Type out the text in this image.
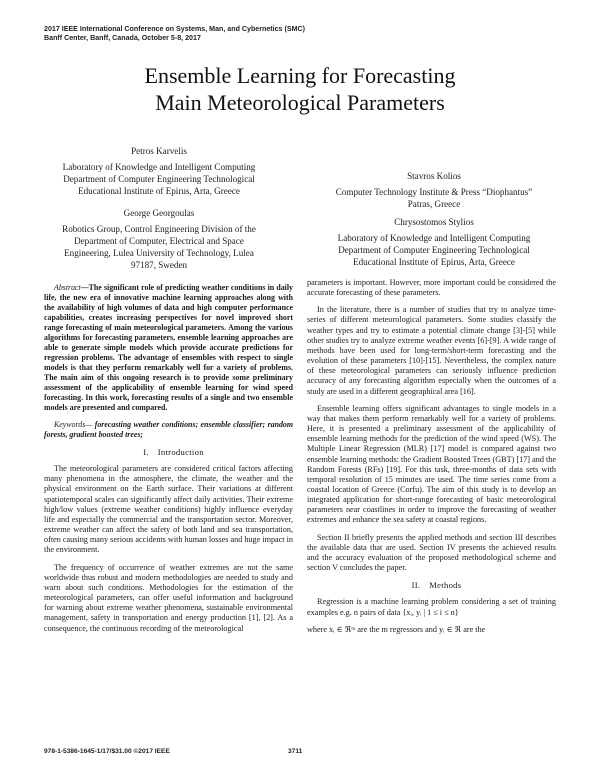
2017 IEEE International Conference on Systems, Man, and Cybernetics (SMC)
Banff Center, Banff, Canada, October 5-8, 2017
Ensemble Learning for Forecasting
Main Meteorological Parameters
Petros Karvelis
Laboratory of Knowledge and Intelligent Computing
Department of Computer Engineering Technological
Educational Institute of Epirus, Arta, Greece
George Georgoulas
Robotics Group, Control Engineering Division of the
Department of Computer, Electrical and Space
Engineering, Lulea University of Technology, Lulea
97187, Sweden
Stavros Kolios
Computer Technology Institute & Press “Diophantus”
Patras, Greece
Chrysostomos Stylios
Laboratory of Knowledge and Intelligent Computing
Department of Computer Engineering Technological
Educational Institute of Epirus, Arta, Greece

Abstract—The significant role of predicting weather conditions in daily life, the new era of innovative machine learning approaches along with the availability of high volumes of data and high computer performance capabilities, creates increasing perspectives for novel improved short range forecasting of main meteorological parameters. Among the various algorithms for forecasting parameters, ensemble learning approaches are able to generate simple models which provide accurate predictions for regression problems. The advantage of ensembles with respect to single models is that they perform remarkably well for a variety of problems. The main aim of this ongoing research is to provide some preliminary assessment of the applicability of ensemble learning for wind speed forecasting. In this work, forecasting results of a single and two ensemble models are presented and compared.

Keywords— forecasting weather conditions; ensemble classifier; random forests, gradient boosted trees;

I. Introduction

The meteorological parameters are considered critical factors affecting many phenomena in the atmosphere, the climate, the weather and the physical environment on the Earth surface. Their variations at different spatiotemporal scales can significantly affect daily activities. Their extreme high/low values (extreme weather conditions) highly influence everyday life and especially the commercial and the transportation sector. Moreover, extreme weather can affect the safety of both land and sea transportation, often causing many serious accidents with human losses and huge impact in the environment.

The frequency of occurrence of weather extremes are not the same worldwide thus robust and modern methodologies are needed to study and warn about such conditions. Methodologies for the estimation of the meteorological parameters, can offer useful information and background for warning about extreme weather phenomena, sustainable environmental management, safety in transportation and energy production [1], [2]. As a consequence, the continuous recording of the meteorological

parameters is important. However, more important could be considered the accurate forecasting of these parameters.

In the literature, there is a number of studies that try to analyze time-series of different meteorological parameters. Some studies classify the weather types and try to estimate a potential climate change [3]-[5] while other studies try to analyze extreme weather events [6]-[9]. A wide range of methods have been used for long-term/short-term forecasting and the evolution of these parameters [10]-[15]. Nevertheless, the complex nature of these meteorological parameters can seriously influence prediction accuracy of any forecasting algorithm especially when the outcomes of a study are used in a different geographical area [16].

Ensemble learning offers significant advantages to single models in a way that makes them perform remarkably well for a variety of problems. Here, it is presented a preliminary assessment of the applicability of ensemble learning methods for the prediction of the wind speed (WS). The Multiple Linear Regression (MLR) [17] model is compared against two ensemble learning methods: the Gradient Boosted Trees (GBT) [17] and the Random Forests (RFs) [19]. For this task, three-months of data sets with temporal resolution of 15 minutes are used. The time series come from a coastal location of Greece (Corfu). The aim of this study is to develop an integrated application for short-range forecasting of basic meteorological parameters near coastlines in order to improve the forecasting of weather extremes and enhance the sea safety at coastal regions.

Section II briefly presents the applied methods and section III describes the available data that are used. Section IV presents the achieved results and the accuracy evaluation of the proposed methodological scheme and section V concludes the paper.

II. Methods

Regression is a machine learning problem considering a set of training examples e.g. n pairs of data {xᵢ, yᵢ | 1 ≤ i ≤ n}

where xᵢ ∈ ℜᵐ are the m regressors and yᵢ ∈ ℜ are the

978-1-5386-1645-1/17/$31.00 ©2017 IEEE	3711
